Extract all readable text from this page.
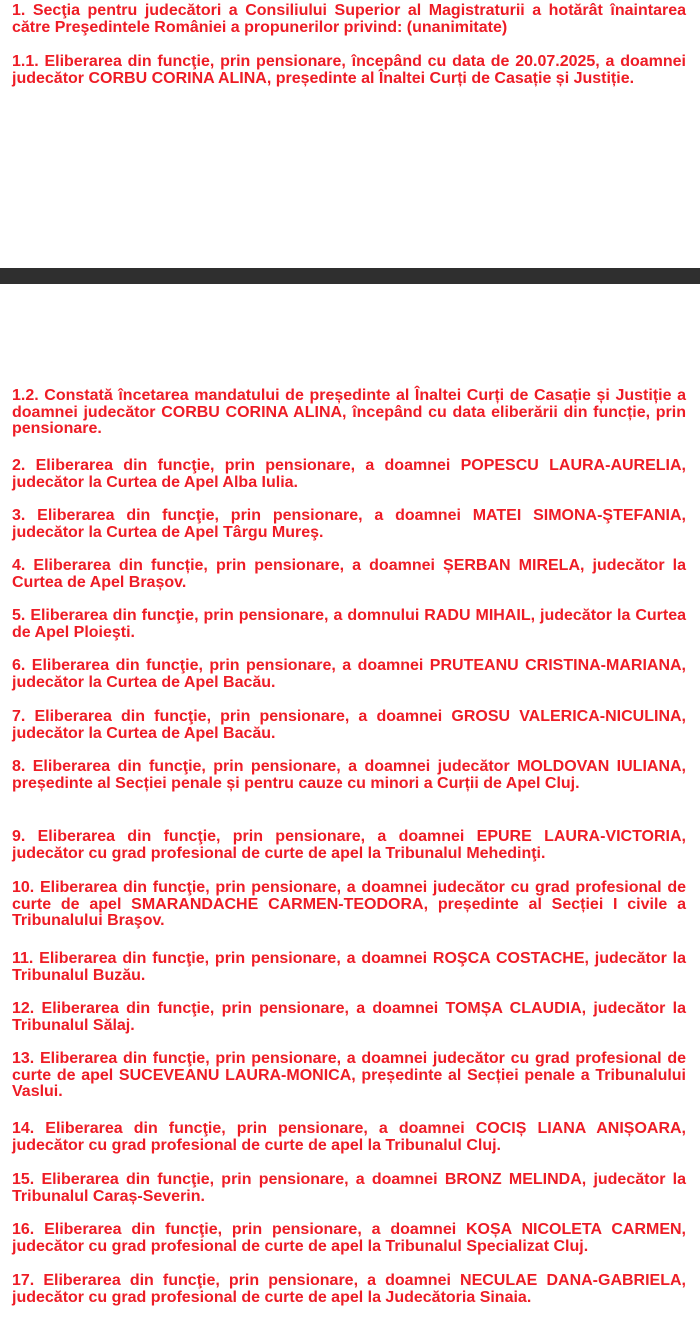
1. Secţia pentru judecători a Consiliului Superior al Magistraturii a hotărât înaintarea către Preşedintele României a propunerilor privind: (unanimitate)

1.1. Eliberarea din funcţie, prin pensionare, începând cu data de 20.07.2025, a doamnei judecător CORBU CORINA ALINA, președinte al Înaltei Curți de Casație și Justiție.

1.2. Constată încetarea mandatului de președinte al Înaltei Curți de Casație și Justiție a doamnei judecător CORBU CORINA ALINA, începând cu data eliberării din funcție, prin pensionare.

2. Eliberarea din funcţie, prin pensionare, a doamnei POPESCU LAURA-AURELIA, judecător la Curtea de Apel Alba Iulia.

3. Eliberarea din funcţie, prin pensionare, a doamnei MATEI SIMONA-ŞTEFANIA, judecător la Curtea de Apel Târgu Mureş.

4. Eliberarea din funcție, prin pensionare, a doamnei ȘERBAN MIRELA, judecător la Curtea de Apel Brașov.

5. Eliberarea din funcţie, prin pensionare, a domnului RADU MIHAIL, judecător la Curtea de Apel Ploieşti.

6. Eliberarea din funcţie, prin pensionare, a doamnei PRUTEANU CRISTINA-MARIANA, judecător la Curtea de Apel Bacău.

7. Eliberarea din funcţie, prin pensionare, a doamnei GROSU VALERICA-NICULINA, judecător la Curtea de Apel Bacău.

8. Eliberarea din funcţie, prin pensionare, a doamnei judecător MOLDOVAN IULIANA, președinte al Secției penale și pentru cauze cu minori a Curții de Apel Cluj.

9. Eliberarea din funcţie, prin pensionare, a doamnei EPURE LAURA-VICTORIA, judecător cu grad profesional de curte de apel la Tribunalul Mehedinţi.

10. Eliberarea din funcţie, prin pensionare, a doamnei judecător cu grad profesional de curte de apel SMARANDACHE CARMEN-TEODORA, președinte al Secției I civile a Tribunalului Braşov.

11. Eliberarea din funcţie, prin pensionare, a doamnei ROŞCA COSTACHE, judecător la Tribunalul Buzău.

12. Eliberarea din funcţie, prin pensionare, a doamnei TOMȘA CLAUDIA, judecător la Tribunalul Sălaj.

13. Eliberarea din funcţie, prin pensionare, a doamnei judecător cu grad profesional de curte de apel SUCEVEANU LAURA-MONICA, președinte al Secției penale a Tribunalului Vaslui.

14. Eliberarea din funcţie, prin pensionare, a doamnei COCIȘ LIANA ANIȘOARA, judecător cu grad profesional de curte de apel la Tribunalul Cluj.

15. Eliberarea din funcţie, prin pensionare, a doamnei BRONZ MELINDA, judecător la Tribunalul Caraș-Severin.

16. Eliberarea din funcţie, prin pensionare, a doamnei KOȘA NICOLETA CARMEN, judecător cu grad profesional de curte de apel la Tribunalul Specializat Cluj.

17. Eliberarea din funcţie, prin pensionare, a doamnei NECULAE DANA-GABRIELA, judecător cu grad profesional de curte de apel la Judecătoria Sinaia.
